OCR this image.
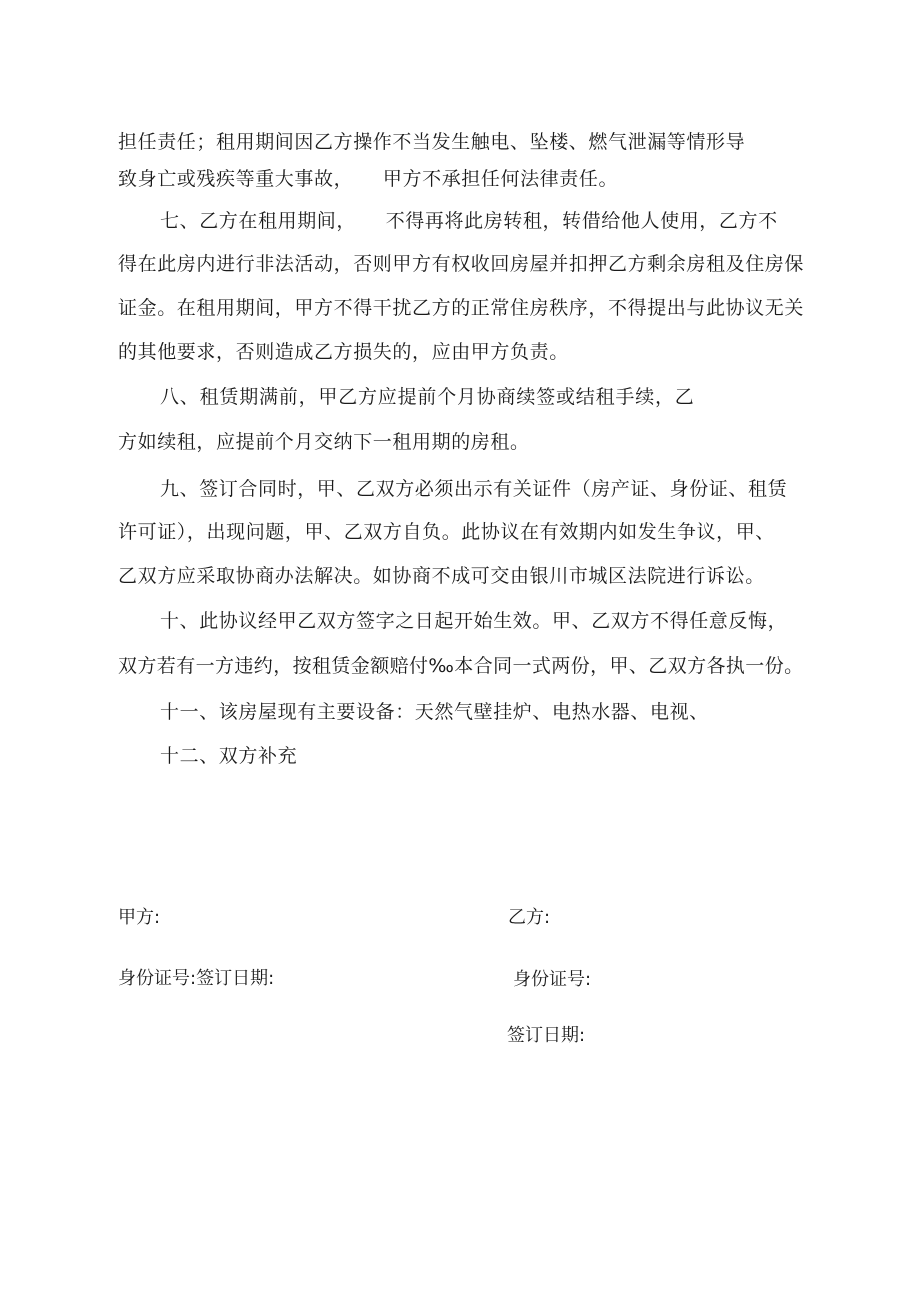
担任责任；租用期间因乙方操作不当发生触电、坠楼、燃气泄漏等情形导

致身亡或残疾等重大事故，　　甲方不承担任何法律责任。

七、乙方在租用期间，　　不得再将此房转租，转借给他人使用，乙方不

得在此房内进行非法活动，否则甲方有权收回房屋并扣押乙方剩余房租及住房保

证金。在租用期间，甲方不得干扰乙方的正常住房秩序，不得提出与此协议无关

的其他要求，否则造成乙方损失的，应由甲方负责。

八、租赁期满前，甲乙方应提前个月协商续签或结租手续，乙

方如续租，应提前个月交纳下一租用期的房租。

九、签订合同时，甲、乙双方必须出示有关证件（房产证、身份证、租赁

许可证），出现问题，甲、乙双方自负。此协议在有效期内如发生争议，甲、

乙双方应采取协商办法解决。如协商不成可交由银川市城区法院进行诉讼。

十、此协议经甲乙双方签字之日起开始生效。甲、乙双方不得任意反悔，

双方若有一方违约，按租赁金额赔付‰本合同一式两份，甲、乙双方各执一份。

十一、该房屋现有主要设备：天然气壁挂炉、电热水器、电视、

十二、双方补充

甲方:	乙方:

身份证号:签订日期:	身份证号:

签订日期:
